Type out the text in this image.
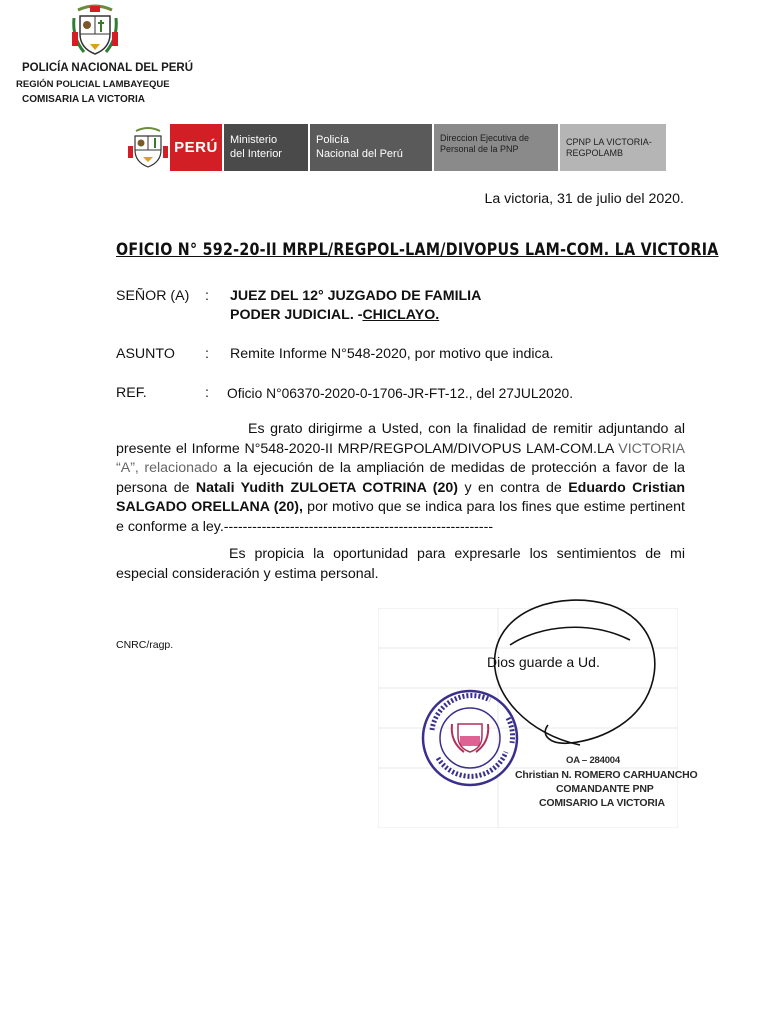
POLICÍA NACIONAL DEL PERÚ
REGIÓN POLICIAL LAMBAYEQUE
COMISARIA LA VICTORIA
PERÚ Ministerio
del Interior
Policía
Nacional del Perú
Direccion Ejecutiva de
Personal de la PNP
CPNP LA VICTORIA-
REGPOLAMB
La victoria, 31 de julio del 2020.
OFICIO N° 592-20-II MRPL/REGPOL-LAM/DIVOPUS LAM-COM. LA VICTORIA
SEÑOR (A) : JUEZ DEL 12° JUZGADO DE FAMILIA
PODER JUDICIAL. -CHICLAYO.
ASUNTO : Remite Informe N°548-2020, por motivo que indica.
REF.	: Oficio N°06370-2020-0-1706-JR-FT-12., del 27JUL2020.
Es grato dirigirme a Usted, con la finalidad de remitir adjuntando al presente el Informe N°548-2020-II MRP/REGPOLAM/DIVOPUS LAM-COM.LA VICTORIA “A”, relacionado a la ejecución de la ampliación de medidas de protección a favor de la persona de Natali Yudith ZULOETA COTRINA (20) y en contra de Eduardo Cristian SALGADO ORELLANA (20), por motivo que se indica para los fines que estime pertinente conforme a ley.---------------------------------------------------------
Es propicia la oportunidad para expresarle los sentimientos de mi especial consideración y estima personal.
CNRC/ragp.
Dios guarde a Ud.
OA – 284004
Christian N. ROMERO CARHUANCHO
COMANDANTE PNP
COMISARIO LA VICTORIA
